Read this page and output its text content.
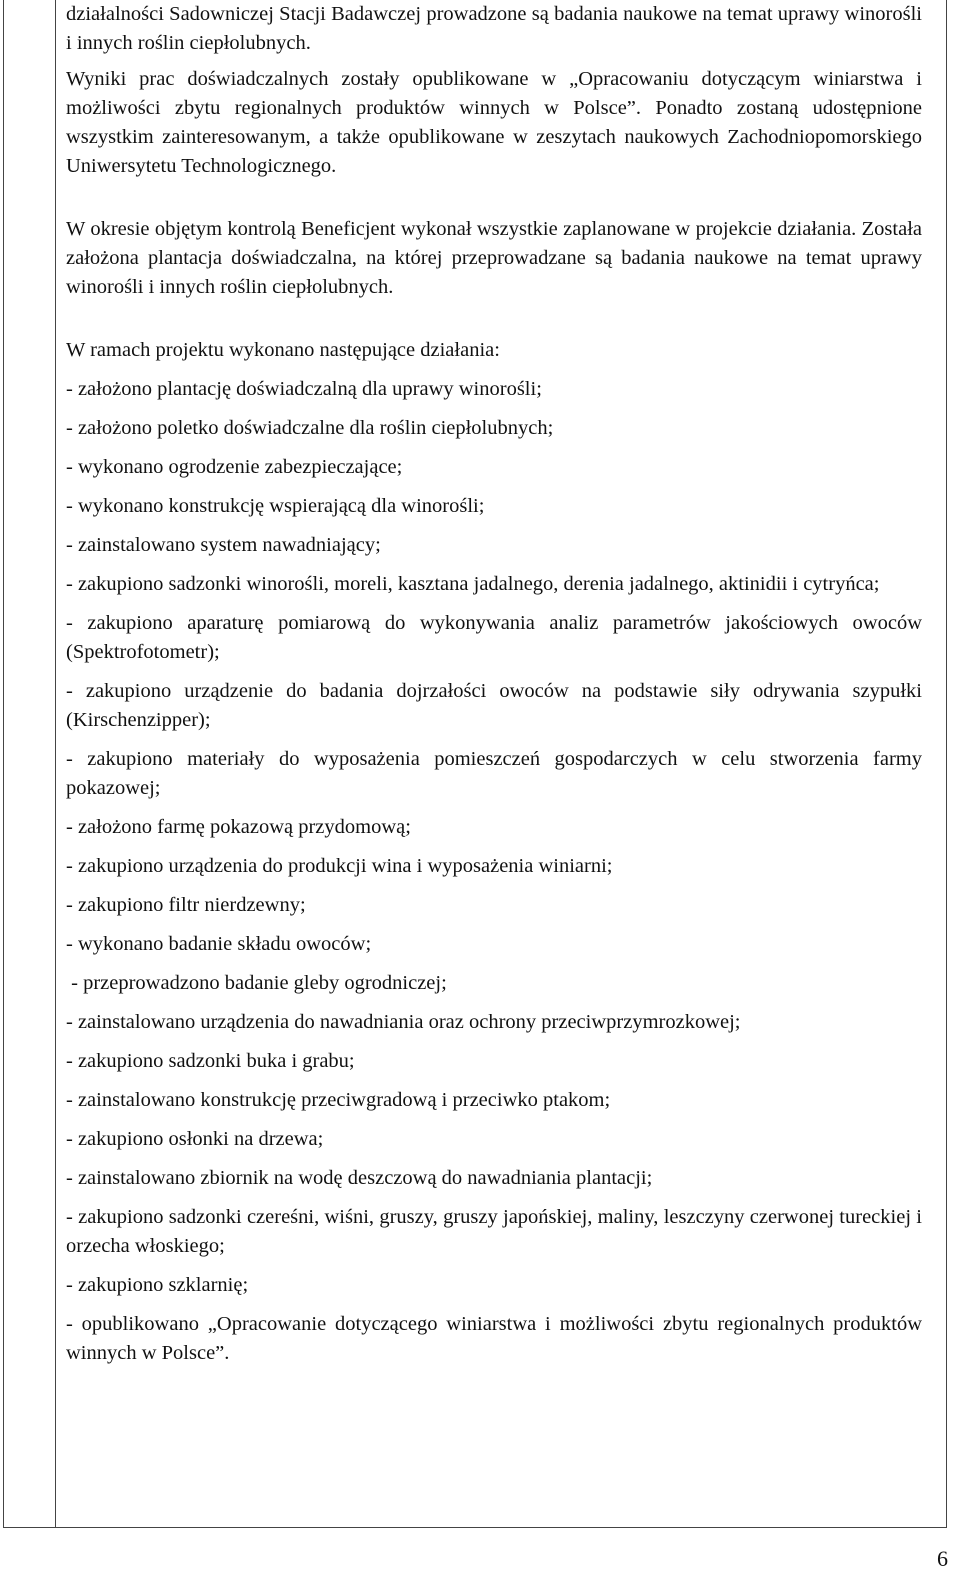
działalności Sadowniczej Stacji Badawczej prowadzone są badania naukowe na temat uprawy winorośli i innych roślin ciepłolubnych.

Wyniki prac doświadczalnych zostały opublikowane w „Opracowaniu dotyczącym winiarstwa i możliwości zbytu regionalnych produktów winnych w Polsce”. Ponadto zostaną udostępnione wszystkim zainteresowanym, a także opublikowane w zeszytach naukowych Zachodniopomorskiego Uniwersytetu Technologicznego.

W okresie objętym kontrolą Beneficjent wykonał wszystkie zaplanowane w projekcie działania. Została założona plantacja doświadczalna, na której przeprowadzane są badania naukowe na temat uprawy winorośli i innych roślin ciepłolubnych.

W ramach projektu wykonano następujące działania:

- założono plantację doświadczalną dla uprawy winorośli;

- założono poletko doświadczalne dla roślin ciepłolubnych;

- wykonano ogrodzenie zabezpieczające;

- wykonano konstrukcję wspierającą dla winorośli;

- zainstalowano system nawadniający;

- zakupiono sadzonki winorośli, moreli, kasztana jadalnego, derenia jadalnego, aktinidii i cytryńca;

- zakupiono aparaturę pomiarową do wykonywania analiz parametrów jakościowych owoców (Spektrofotometr);

- zakupiono urządzenie do badania dojrzałości owoców na podstawie siły odrywania szypułki (Kirschenzipper);

- zakupiono materiały do wyposażenia pomieszczeń gospodarczych w celu stworzenia farmy pokazowej;

- założono farmę pokazową przydomową;

- zakupiono urządzenia do produkcji wina i wyposażenia winiarni;

- zakupiono filtr nierdzewny;

- wykonano badanie składu owoców;

- przeprowadzono badanie gleby ogrodniczej;

- zainstalowano urządzenia do nawadniania oraz ochrony przeciwprzymrozkowej;

- zakupiono sadzonki buka i grabu;

- zainstalowano konstrukcję przeciwgradową i przeciwko ptakom;

- zakupiono osłonki na drzewa;

- zainstalowano zbiornik na wodę deszczową do nawadniania plantacji;

- zakupiono sadzonki czereśni, wiśni, gruszy, gruszy japońskiej, maliny, leszczyny czerwonej tureckiej i orzecha włoskiego;

- zakupiono szklarnię;

- opublikowano „Opracowanie dotyczącego winiarstwa i możliwości zbytu regionalnych produktów winnych w Polsce”.

6
